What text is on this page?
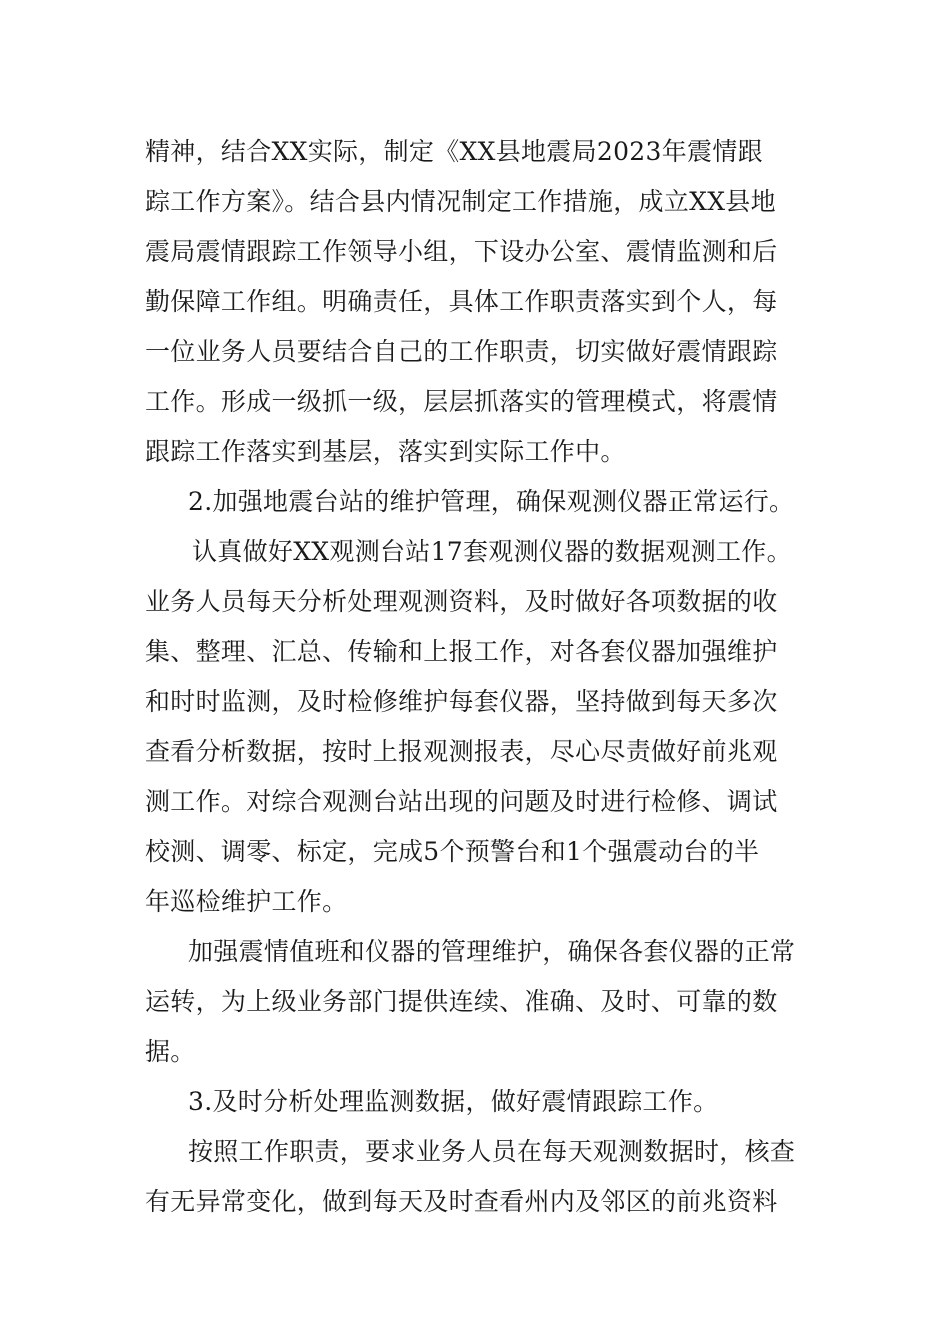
精神，结合XX实际，制定《XX县地震局2023年震情跟
踪工作方案》。结合县内情况制定工作措施，成立XX县地
震局震情跟踪工作领导小组，下设办公室、震情监测和后
勤保障工作组。明确责任，具体工作职责落实到个人，每
一位业务人员要结合自己的工作职责，切实做好震情跟踪
工作。形成一级抓一级，层层抓落实的管理模式，将震情
跟踪工作落实到基层，落实到实际工作中。
2.加强地震台站的维护管理，确保观测仪器正常运行。
认真做好XX观测台站17套观测仪器的数据观测工作。
业务人员每天分析处理观测资料，及时做好各项数据的收
集、整理、汇总、传输和上报工作，对各套仪器加强维护
和时时监测，及时检修维护每套仪器，坚持做到每天多次
查看分析数据，按时上报观测报表，尽心尽责做好前兆观
测工作。对综合观测台站出现的问题及时进行检修、调试
校测、调零、标定，完成5个预警台和1个强震动台的半
年巡检维护工作。
加强震情值班和仪器的管理维护，确保各套仪器的正常
运转，为上级业务部门提供连续、准确、及时、可靠的数
据。
3.及时分析处理监测数据，做好震情跟踪工作。
按照工作职责，要求业务人员在每天观测数据时，核查
有无异常变化，做到每天及时查看州内及邻区的前兆资料
